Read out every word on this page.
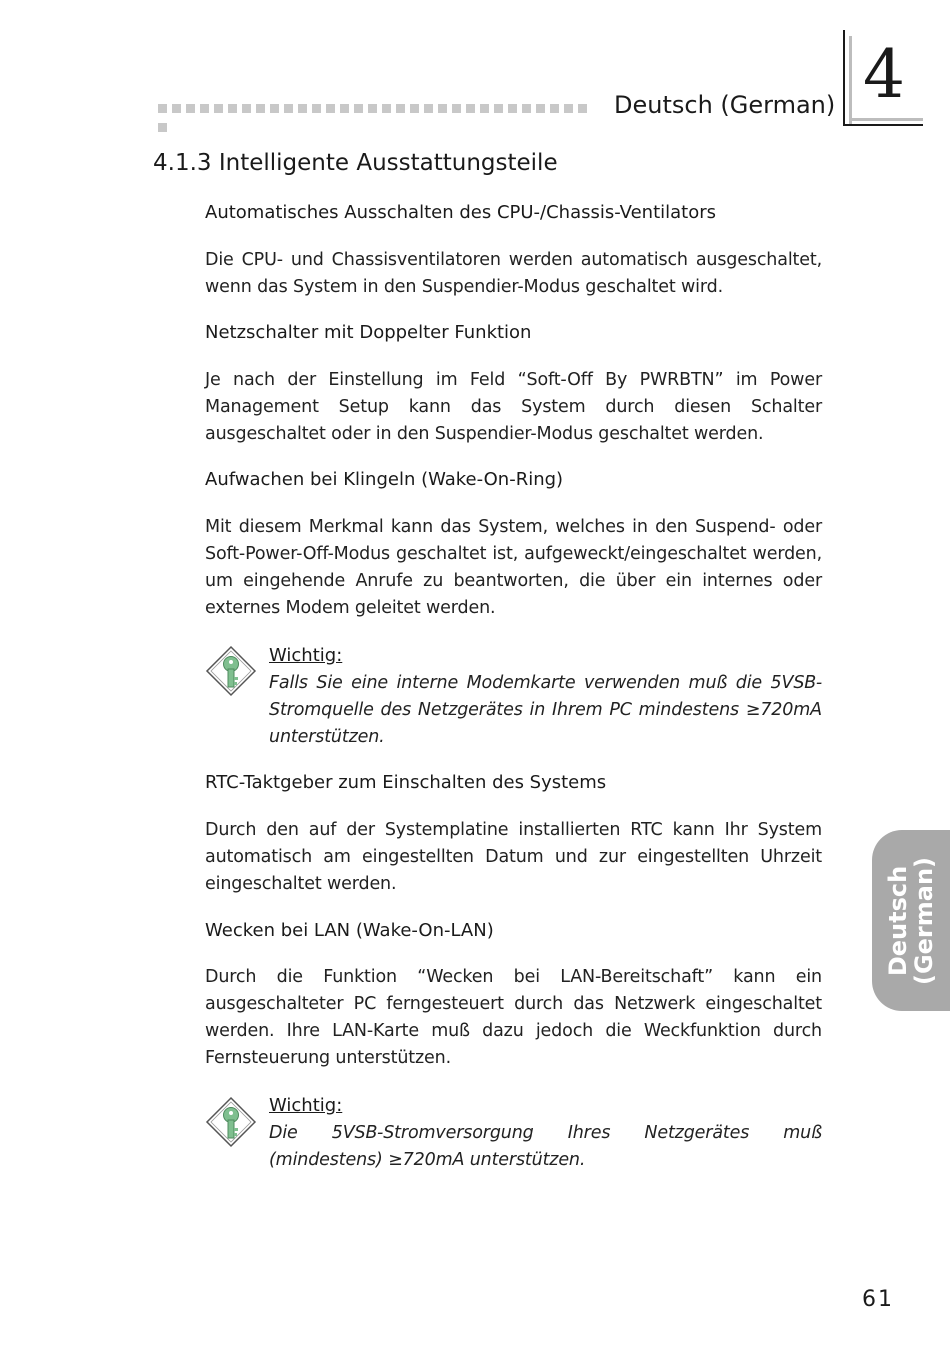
Deutsch (German) 4
4.1.3 Intelligente Ausstattungsteile
Automatisches Ausschalten des CPU-/Chassis-Ventilators
Die CPU- und Chassisventilatoren werden automatisch ausgeschaltet, wenn das System in den Suspendier-Modus geschaltet wird.
Netzschalter mit Doppelter Funktion
Je nach der Einstellung im Feld “Soft-Off By PWRBTN” im Power Management Setup kann das System durch diesen Schalter ausgeschaltet oder in den Suspendier-Modus geschaltet werden.
Aufwachen bei Klingeln (Wake-On-Ring)
Mit diesem Merkmal kann das System, welches in den Suspend- oder Soft-Power-Off-Modus geschaltet ist, aufgeweckt/eingeschaltet werden, um eingehende Anrufe zu beantworten, die über ein internes oder externes Modem geleitet werden.
Wichtig:
Falls Sie eine interne Modemkarte verwenden muß die 5VSB-Stromquelle des Netzgerätes in Ihrem PC mindestens ≥720mA unterstützen.
RTC-Taktgeber zum Einschalten des Systems
Durch den auf der Systemplatine installierten RTC kann Ihr System automatisch am eingestellten Datum und zur eingestellten Uhrzeit eingeschaltet werden.
Wecken bei LAN (Wake-On-LAN)
Durch die Funktion “Wecken bei LAN-Bereitschaft” kann ein ausgeschalteter PC ferngesteuert durch das Netzwerk eingeschaltet werden. Ihre LAN-Karte muß dazu jedoch die Weckfunktion durch Fernsteuerung unterstützen.
Wichtig:
Die 5VSB-Stromversorgung Ihres Netzgerätes muß (mindestens) ≥720mA unterstützen.
Deutsch
(German)
61
